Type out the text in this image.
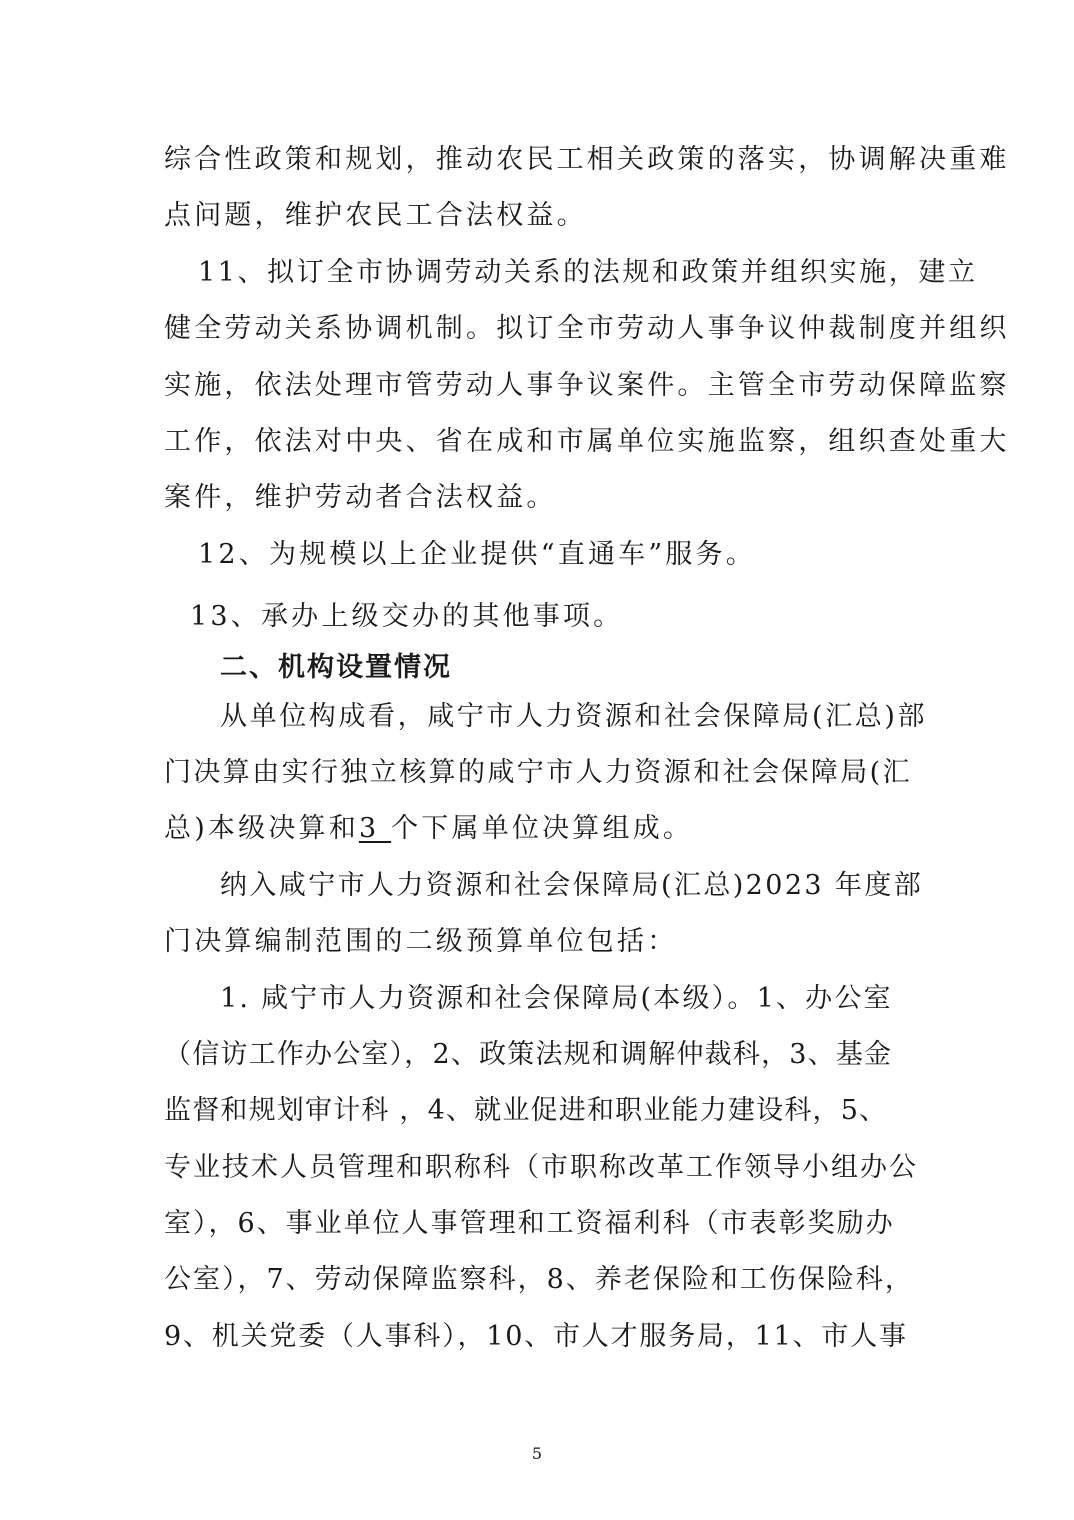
综合性政策和规划，推动农民工相关政策的落实，协调解决重难
点问题，维护农民工合法权益。
11、拟订全市协调劳动关系的法规和政策并组织实施，建立
健全劳动关系协调机制。拟订全市劳动人事争议仲裁制度并组织
实施，依法处理市管劳动人事争议案件。主管全市劳动保障监察
工作，依法对中央、省在成和市属单位实施监察，组织查处重大
案件，维护劳动者合法权益。
12、为规模以上企业提供“直通车”服务。
13、承办上级交办的其他事项。
二、机构设置情况
从单位构成看，咸宁市人力资源和社会保障局(汇总)部
门决算由实行独立核算的咸宁市人力资源和社会保障局(汇
总)本级决算和3 个下属单位决算组成。
纳入咸宁市人力资源和社会保障局(汇总)2023 年度部
门决算编制范围的二级预算单位包括：
1. 咸宁市人力资源和社会保障局(本级）。1、办公室
（信访工作办公室），2、政策法规和调解仲裁科，3、基金
监督和规划审计科 ，4、就业促进和职业能力建设科，5、
专业技术人员管理和职称科（市职称改革工作领导小组办公
室），6、事业单位人事管理和工资福利科（市表彰奖励办
公室），7、劳动保障监察科，8、养老保险和工伤保险科，
9、机关党委（人事科），10、市人才服务局，11、市人事
5
